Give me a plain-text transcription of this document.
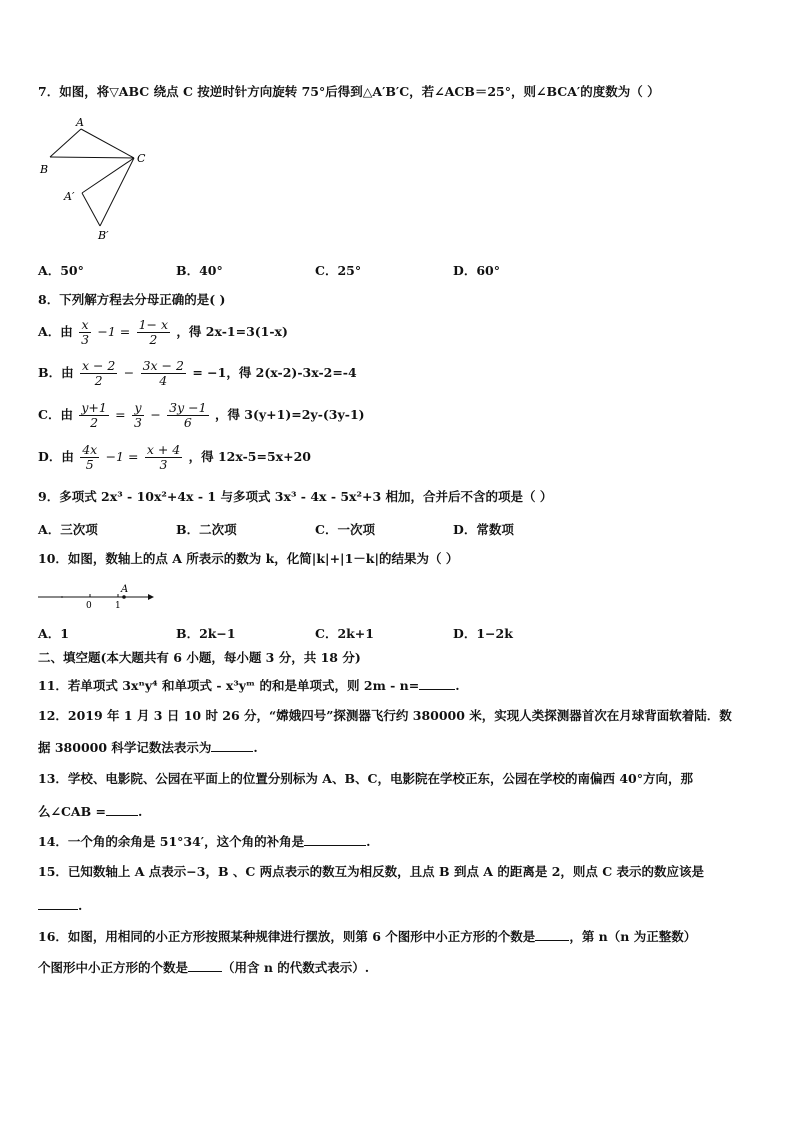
7．如图，将▽ABC 绕点 C 按逆时针方向旋转 75°后得到△A′B′C，若∠ACB＝25°，则∠BCA′的度数为（ ）
A
B
C
A′
B′
A．50°	B．40°	C．25°	D．60°
8．下列解方程去分母正确的是( )
A．由 $\frac{x}{3} -1 = \frac{1- x}{2}$ ，得 2x-1=3(1-x)
B．由 $\frac{x - 2}{2} - \frac{3x - 2}{4} = -1$，得 2(x-2)-3x-2=-4
C．由 $\frac{y+1}{2} = \frac{y}{3} - \frac{3y -1}{6}$ ，得 3(y+1)=2y-(3y-1)
D．由 $\frac{4x}{5} -1 = \frac{x + 4}{3}$ ，得 12x-5=5x+20
9．多项式 2x³ - 10x²+4x - 1 与多项式 3x³ - 4x - 5x²+3 相加，合并后不含的项是（ ）
A．三次项	B．二次项	C．一次项	D．常数项
10．如图，数轴上的点 A 所表示的数为 k，化简|k|+|1－k|的结果为（ ）
0	1
A
A．1	B．2k−1	C．2k+1	D．1−2k
二、填空题(本大题共有 6 小题，每小题 3 分，共 18 分)
11．若单项式 3xⁿy⁴ 和单项式 - x³yᵐ 的和是单项式，则 2m - n=	.
12．2019 年 1 月 3 日 10 时 26 分，“嫦娥四号”探测器飞行约 380000 米，实现人类探测器首次在月球背面软着陆．数
据 380000 科学记数法表示为	.
13．学校、电影院、公园在平面上的位置分别标为 A、B、C，电影院在学校正东，公园在学校的南偏西 40°方向，那
么∠CAB =	.
14．一个角的余角是 51°34′，这个角的补角是	.
15．已知数轴上 A 点表示−3，B 、C 两点表示的数互为相反数，且点 B 到点 A 的距离是 2，则点 C 表示的数应该是
.
16．如图，用相同的小正方形按照某种规律进行摆放，则第 6 个图形中小正方形的个数是	，第 n（n 为正整数）
个图形中小正方形的个数是	（用含 n 的代数式表示）.
